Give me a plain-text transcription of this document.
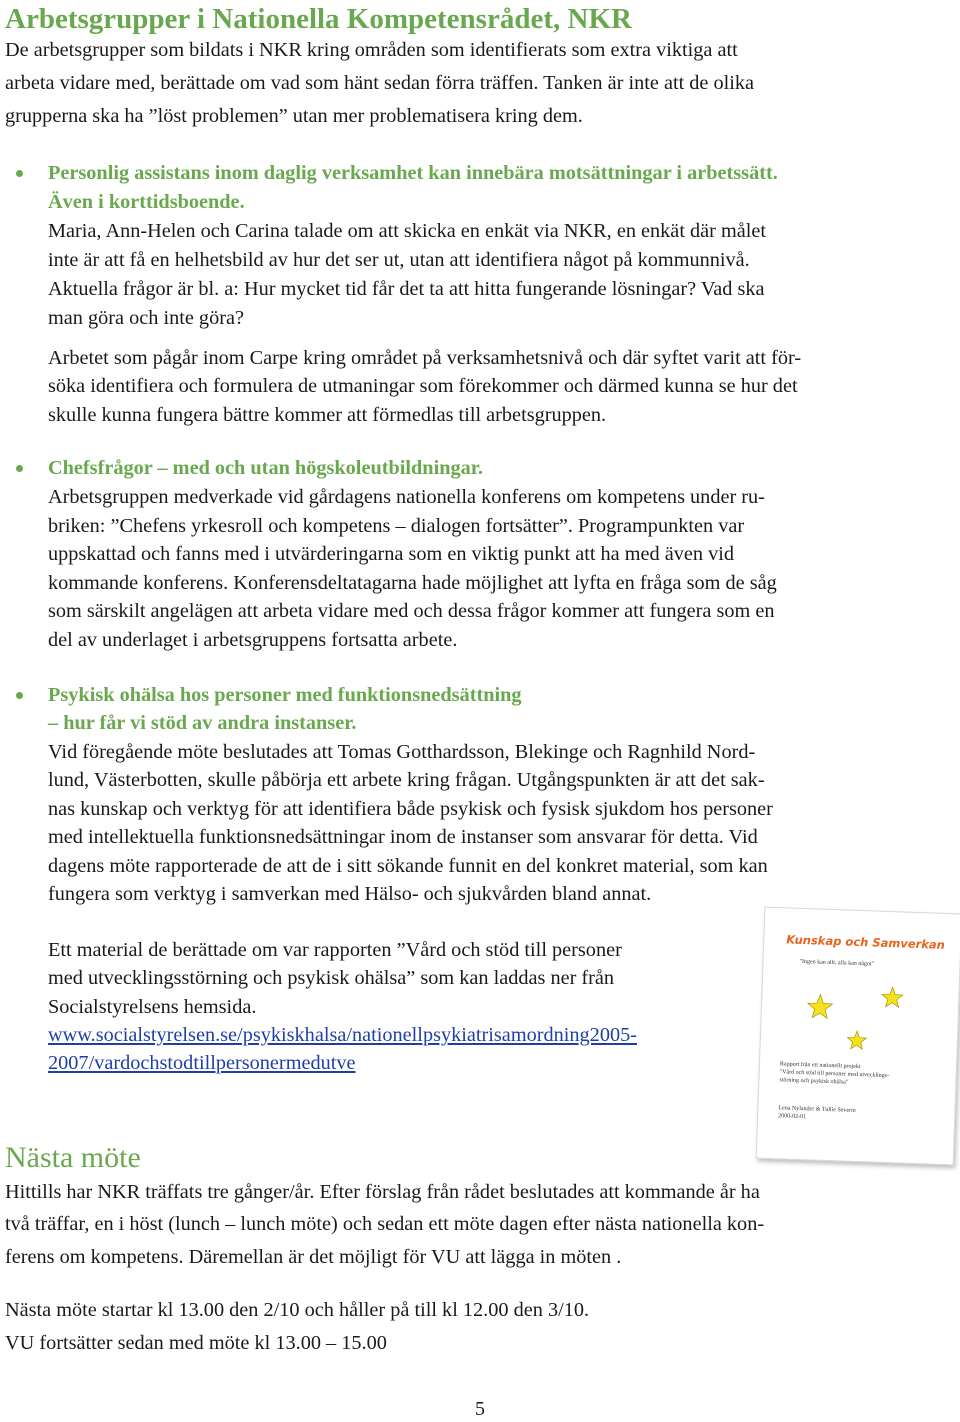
Arbetsgrupper i Nationella Kompetensrådet, NKR

De arbetsgrupper som bildats i NKR kring områden som identifierats som extra viktiga att

arbeta vidare med, berättade om vad som hänt sedan förra träffen. Tanken är inte att de olika

grupperna ska ha ”löst problemen” utan mer problematisera kring dem.

Personlig assistans inom daglig verksamhet kan innebära motsättningar i arbetssätt.

Även i korttidsboende.

Maria, Ann-Helen och Carina talade om att skicka en enkät via NKR, en enkät där målet

inte är att få en helhetsbild av hur det ser ut, utan att identifiera något på kommunnivå.

Aktuella frågor är bl. a: Hur mycket tid får det ta att hitta fungerande lösningar? Vad ska

man göra och inte göra?

Arbetet som pågår inom Carpe kring området på verksamhetsnivå och där syftet varit att för-

söka identifiera och formulera de utmaningar som förekommer och därmed kunna se hur det

skulle kunna fungera bättre kommer att förmedlas till arbetsgruppen.

Chefsfrågor – med och utan högskoleutbildningar.

Arbetsgruppen medverkade vid gårdagens nationella konferens om kompetens under ru-

briken: ”Chefens yrkesroll och kompetens – dialogen fortsätter”. Programpunkten var

uppskattad och fanns med i utvärderingarna som en viktig punkt att ha med även vid

kommande konferens. Konferensdeltatagarna hade möjlighet att lyfta en fråga som de såg

som särskilt angelägen att arbeta vidare med och dessa frågor kommer att fungera som en

del av underlaget i arbetsgruppens fortsatta arbete.

Psykisk ohälsa hos personer med funktionsnedsättning

– hur får vi stöd av andra instanser.

Vid föregående möte beslutades att Tomas Gotthardsson, Blekinge och Ragnhild Nord-

lund, Västerbotten, skulle påbörja ett arbete kring frågan. Utgångspunkten är att det sak-

nas kunskap och verktyg för att identifiera både psykisk och fysisk sjukdom hos personer

med intellektuella funktionsnedsättningar inom de instanser som ansvarar för detta. Vid

dagens möte rapporterade de att de i sitt sökande funnit en del konkret material, som kan

fungera som verktyg i samverkan med Hälso- och sjukvården bland annat.

Ett material de berättade om var rapporten ”Vård och stöd till personer

med utvecklingsstörning och psykisk ohälsa” som kan laddas ner från

Socialstyrelsens hemsida.

www.socialstyrelsen.se/psykiskhalsa/nationellpsykiatrisamordning2005-

2007/vardochstodtillpersonermedutve

Kunskap och Samverkan
"Ingen kan allt, alla kan något"
Rapport från ett nationellt projekt
"Vård och stöd till personer med utvecklings-
störning och psykisk ohälsa"
Lena Nylander & Tullie Severin
2000-02-01
Nästa möte

Hittills har NKR träffats tre gånger/år. Efter förslag från rådet beslutades att kommande år ha

två träffar, en i höst (lunch – lunch möte) och sedan ett möte dagen efter nästa nationella kon-

ferens om kompetens. Däremellan är det möjligt för VU att lägga in möten .

Nästa möte startar kl 13.00 den 2/10 och håller på till kl 12.00 den 3/10.

VU fortsätter sedan med möte kl 13.00 – 15.00

5
